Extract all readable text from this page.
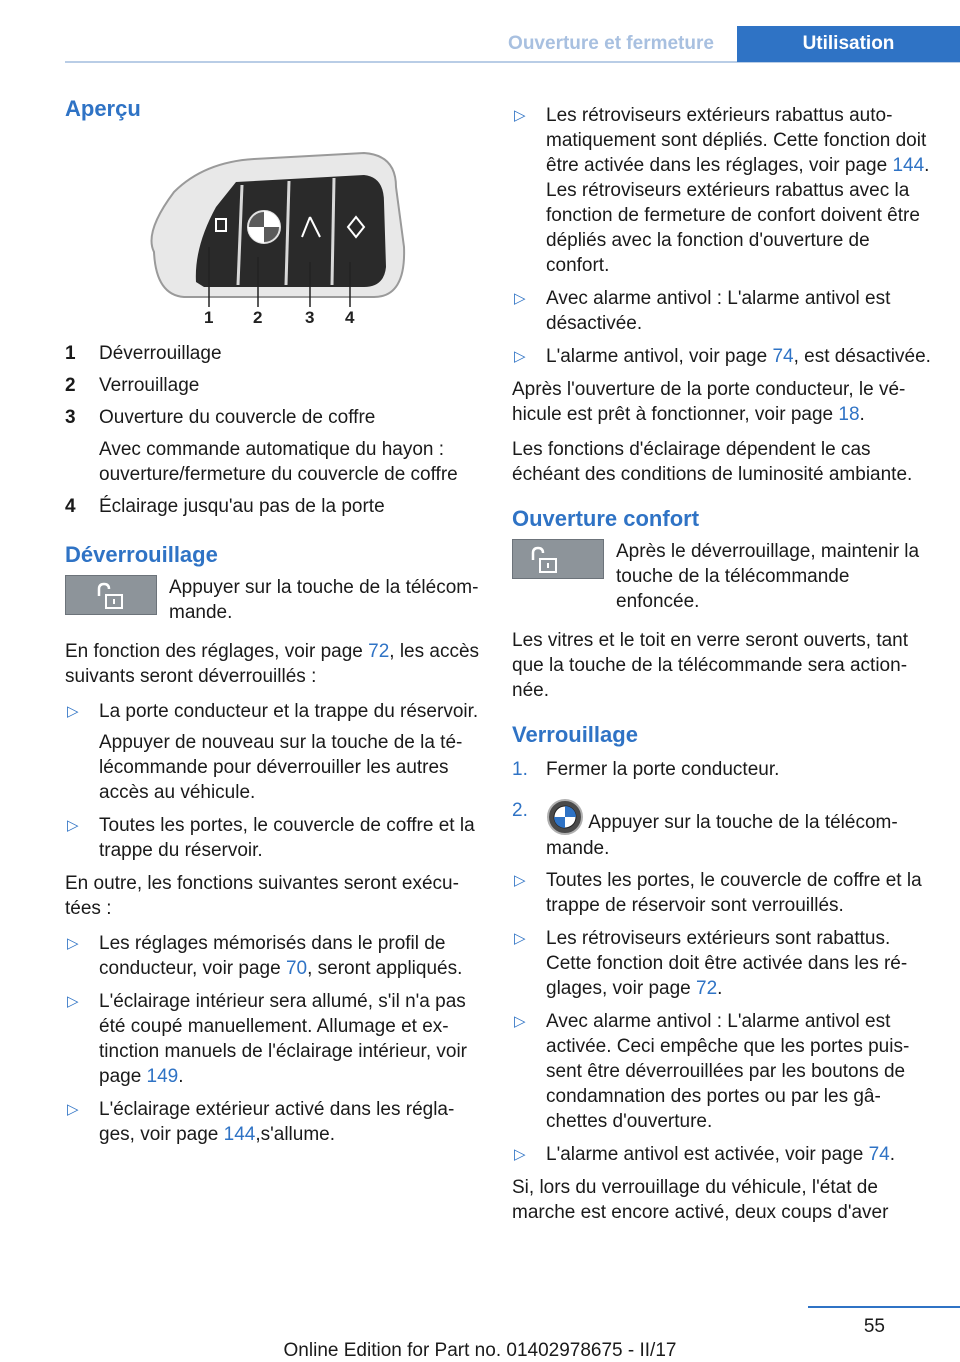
Ouverture et fermeture	Utilisation
Aperçu
1 2	3 4
1	Déverrouillage
2	Verrouillage
3	Ouverture du couvercle de coffre
Avec commande automatique du hayon : ouverture/fermeture du couvercle de coffre
4	Éclairage jusqu'au pas de la porte
Déverrouillage
Appuyer sur la touche de la télécommande.

En fonction des réglages, voir page 72, les accès suivants seront déverrouillés :

▷ La porte conducteur et la trappe du réservoir.
Appuyer de nouveau sur la touche de la télécommande pour déverrouiller les autres accès au véhicule.
▷ Toutes les portes, le couvercle de coffre et la trappe du réservoir.

En outre, les fonctions suivantes seront exécutées :

▷ Les réglages mémorisés dans le profil de conducteur, voir page 70, seront appliqués.
▷ L'éclairage intérieur sera allumé, s'il n'a pas été coupé manuellement. Allumage et extinction manuels de l'éclairage intérieur, voir page 149.
▷ L'éclairage extérieur activé dans les réglages, voir page 144,s'allume.
▷ Les rétroviseurs extérieurs rabattus automatiquement sont dépliés. Cette fonction doit être activée dans les réglages, voir page 144. Les rétroviseurs extérieurs rabattus avec la fonction de fermeture de confort doivent être dépliés avec la fonction d'ouverture de confort.
▷ Avec alarme antivol : L'alarme antivol est désactivée.
▷ L'alarme antivol, voir page 74, est désactivée.

Après l'ouverture de la porte conducteur, le véhicule est prêt à fonctionner, voir page 18.

Les fonctions d'éclairage dépendent le cas échéant des conditions de luminosité ambiante.

Ouverture confort
Après le déverrouillage, maintenir la touche de la télécommande enfoncée.

Les vitres et le toit en verre seront ouverts, tant que la touche de la télécommande sera actionnée.

Verrouillage
1. Fermer la porte conducteur.
2.
Appuyer sur la touche de la télécommande.
▷ Toutes les portes, le couvercle de coffre et la trappe de réservoir sont verrouillés.
▷ Les rétroviseurs extérieurs sont rabattus. Cette fonction doit être activée dans les réglages, voir page 72.
▷ Avec alarme antivol : L'alarme antivol est activée. Ceci empêche que les portes puissent être déverrouillées par les boutons de condamnation des portes ou par les gâchettes d'ouverture.
▷ L'alarme antivol est activée, voir page 74.

Si, lors du verrouillage du véhicule, l'état de marche est encore activé, deux coups d'aver

55
Online Edition for Part no. 01402978675 - II/17
